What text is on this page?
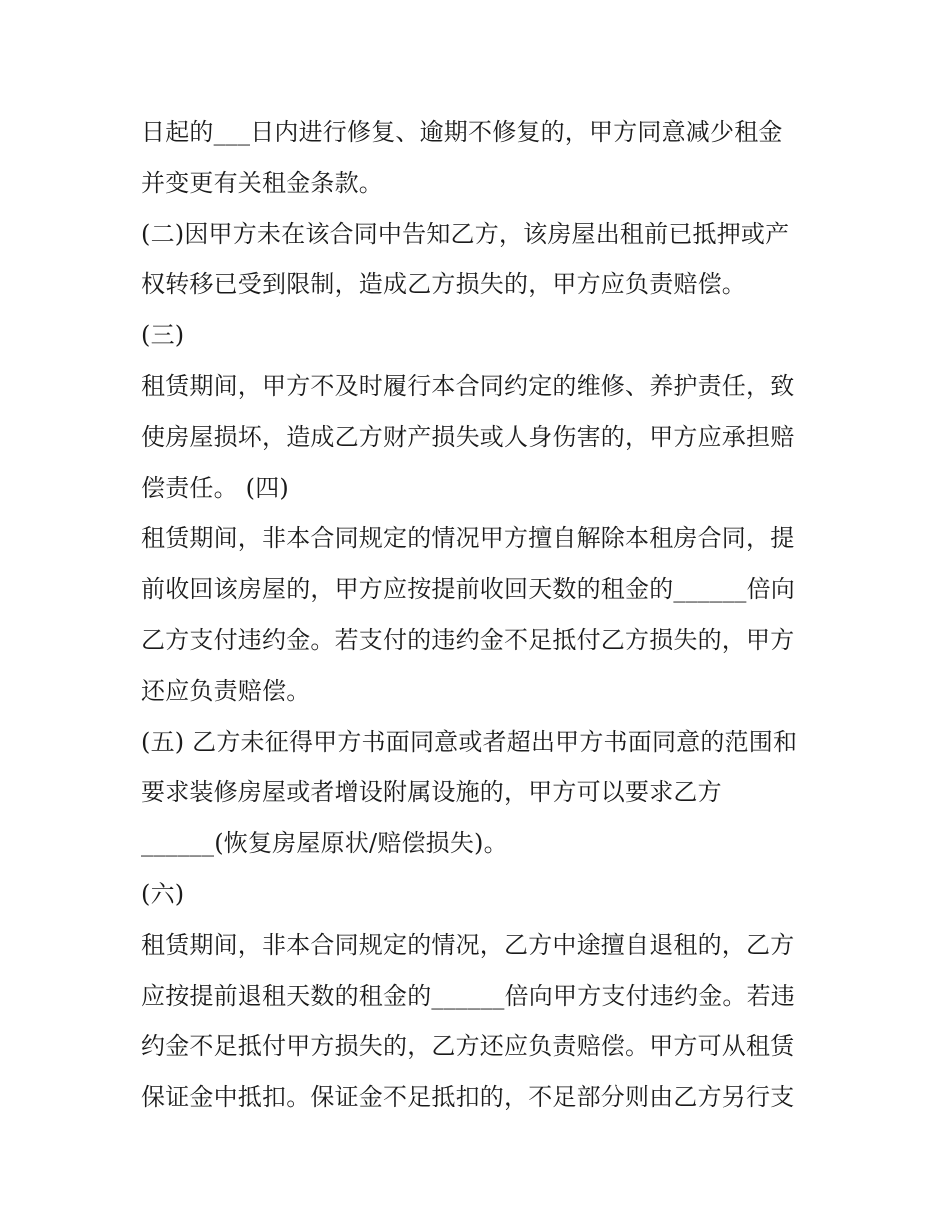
日起的___日内进行修复、逾期不修复的，甲方同意减少租金
并变更有关租金条款。
(二)因甲方未在该合同中告知乙方，该房屋出租前已抵押或产
权转移已受到限制，造成乙方损失的，甲方应负责赔偿。
(三)
租赁期间，甲方不及时履行本合同约定的维修、养护责任，致
使房屋损坏，造成乙方财产损失或人身伤害的，甲方应承担赔
偿责任。 (四)
租赁期间，非本合同规定的情况甲方擅自解除本租房合同，提
前收回该房屋的，甲方应按提前收回天数的租金的______倍向
乙方支付违约金。若支付的违约金不足抵付乙方损失的，甲方
还应负责赔偿。
(五) 乙方未征得甲方书面同意或者超出甲方书面同意的范围和
要求装修房屋或者增设附属设施的，甲方可以要求乙方
______(恢复房屋原状/赔偿损失)。
(六)
租赁期间，非本合同规定的情况，乙方中途擅自退租的，乙方
应按提前退租天数的租金的______倍向甲方支付违约金。若违
约金不足抵付甲方损失的，乙方还应负责赔偿。甲方可从租赁
保证金中抵扣。保证金不足抵扣的，不足部分则由乙方另行支
